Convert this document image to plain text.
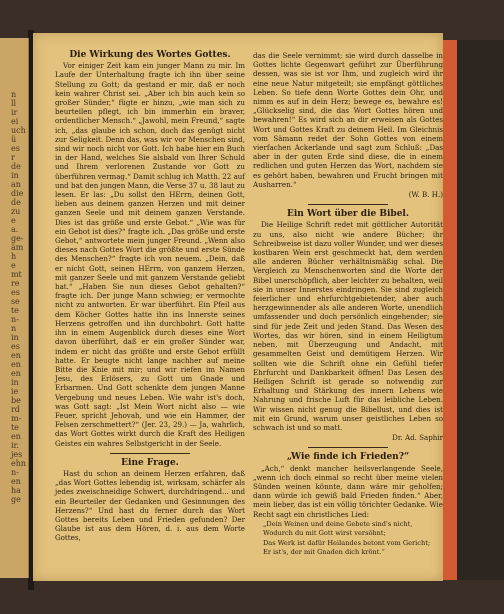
n
ll
ir
ei
uch
ü
es
r
de
in
an
die
de
zu
e
a.
ge-
äm
h
e
mt
re
es
se
te
n-
n
in
es
en
en
en
in
ie
be
rd
m-
te
en
ir.
jes
ehn
n-
en
ha
ge

Die Wirkung des Wortes Gottes.

Vor einiger Zeit kam ein junger Mann zu mir. Im Laufe der Unterhaltung fragte ich ihn über seine Stellung zu Gott; da gestand er mir, daß er noch kein wahrer Christ sei. „Aber ich bin auch kein so großer Sünder,“ fügte er hinzu, „wie man sich zu beurteilen pflegt, ich bin immerhin ein braver, ordentlicher Mensch.“ „Jawohl, mein Freund,“ sagte ich, „das glaube ich schon, doch das genügt nicht zur Seligkeit. Denn das, was wir vor Menschen sind, sind wir noch nicht vor Gott. Ich habe hier ein Buch in der Hand, welches Sie alsbald von Ihrer Schuld und Ihrem verlorenen Zustande vor Gott zu überführen vermag.“ Damit schlug ich Matth. 22 auf und bat den jungen Mann, die Verse 37 u. 38 laut zu lesen. Er las: „Du sollst den HErrn, deinen Gott, lieben aus deinem ganzen Herzen und mit deiner ganzen Seele und mit deinem ganzen Verstande. Dies ist das größe und erste Gebot.“ „Wie was für ein Gebot ist dies?“ fragte ich. „Das größe und erste Gebot,“ antwortete mein junger Freund. „Wenn also dieses nach Gottes Wort die größte und erste Sünde des Menschen?“ fragte ich von neuem. „Dein, daß er nicht Gott, seinen HErrn, von ganzem Herzen, mit ganzer Seele und mit ganzem Verstande geliebt hat.“ „Haben Sie nun dieses Gebot gehalten?“ fragte ich. Der junge Mann schwieg; er vermochte nicht zu antworten. Er war überführt. Ein Pfeil aus dem Köcher Gottes hatte ihn ins Innerste seines Herzens getroffen und ihn durchbohrt. Gott hatte ihn in einem Augenblick durch dieses eine Wort davon überführt, daß er ein großer Sünder war, indem er nicht das größte und erste Gebot erfüllt hatte. Er beugte nicht lange nachher auf meine Bitte die Knie mit mir; und wir riefen im Namen Jesu, des Erlösers, zu Gott um Gnade und Erbarmen. Und Gott schenkte dem jungen Manne Vergebung und neues Leben. Wie wahr ist's doch, was Gott sagt: „Ist Mein Wort nicht also — wie Feuer, spricht Jehovah, und wie ein Hammer, der Felsen zerschmettert?“ (Jer. 23, 29.) — Ja, wahrlich, das Wort Gottes wirkt durch die Kraft des Heiligen Geistes ein wahres Selbstgericht in der Seele.

Eine Frage.

Hast du schon an deinem Herzen erfahren, daß „das Wort Gottes lebendig ist, wirksam, schärfer als jedes zweischneidige Schwert, durchdringend... und ein Beurteiler der Gedanken und Gesinnungen des Herzens?“ Und hast du ferner durch das Wort Gottes bereits Leben und Frieden gefunden? Der Glaube ist aus dem Hören, d. i. aus dem Worte Gottes,

das die Seele vernimmt; sie wird durch dasselbe in Gottes lichte Gegenwart geführt zur Überführung dessen, was sie ist vor Ihm, und zugleich wird ihr eine neue Natur mitgeteilt; sie empfängt göttliches Leben. So tiefe denn Worte Gottes dein Ohr, und nimm es auf in dein Herz; bewege es, bewahre es! „Glückselig sind, die das Wort Gottes hören und bewahren!“ Es wird sich an dir erweisen als Gottes Wort und Gottes Kraft zu deinem Heil. Im Gleichnis vom Sämann redet der Sohn Gottes von einem vierfachen Ackerlande und sagt zum Schluß: „Das aber in der guten Erde sind diese, die in einem redlichen und guten Herzen das Wort, nachdem sie es gehört haben, bewahren und Frucht bringen mit Ausharren.“

(W. B. H.)

Ein Wort über die Bibel.

Die Heilige Schrift redet mit göttlicher Autorität zu uns, also nicht wie andere Bücher; ihr Schreibweise ist dazu voller Wunder, und wer dieses kostbaren Wein erst geschmeckt hat, dem werden alle anderen Bücher verhältnismäßig schal. Die Vergleich zu Menschenworten sind die Worte der Bibel unerschöpflich, aber leichter zu behalten, weil sie in unser Innerstes eindringen. Sie sind zugleich feierlicher und ehrfurchtgebietender, aber auch herzgewinnender als alle anderen Worte, unendlich umfassender und doch persönlich eingehender; sie sind für jede Zeit und jeden Stand. Das Wesen des Wortes, das wir hören, sind in einem Heiligtum neben, mit Überzeugung und Andacht, mit gesammelten Geist und demütigem Herzen. Wir sollten wie die Schrift ohne ein Gefühl tiefer Ehrfurcht und Dankbarkeit öffnen! Das Lesen des Heiligen Schrift ist gerade so notwendig zur Erhaltung und Stärkung des innern Lebens wie Nahrung und frische Luft für das leibliche Leben. Wir wissen nicht genug die Bibellust, und dies ist mit ein Grund, warum unser geistliches Leben so schwach ist und so matt.

Dr. Ad. Saphir

„Wie finde ich Frieden?“

„Ach,“ denkt mancher heilsverlangende Seele, „wenn ich doch einmal so recht über meine vielen Sünden weinen könnte, dann wäre mir geholfen; dann würde ich gewiß bald Frieden finden.“ Aber, mein lieber, das ist ein völlig törichter Gedanke. Wie Recht sagt ein christliches Lied:

„Dein Weinen und deine Gebete sind's nicht,

Wodurch du mit Gott wirst versöhnt;

Das Werk ist dafür Heilandes betont vom Gericht;

Er ist's, der mit Gnaden dich krönt.“
